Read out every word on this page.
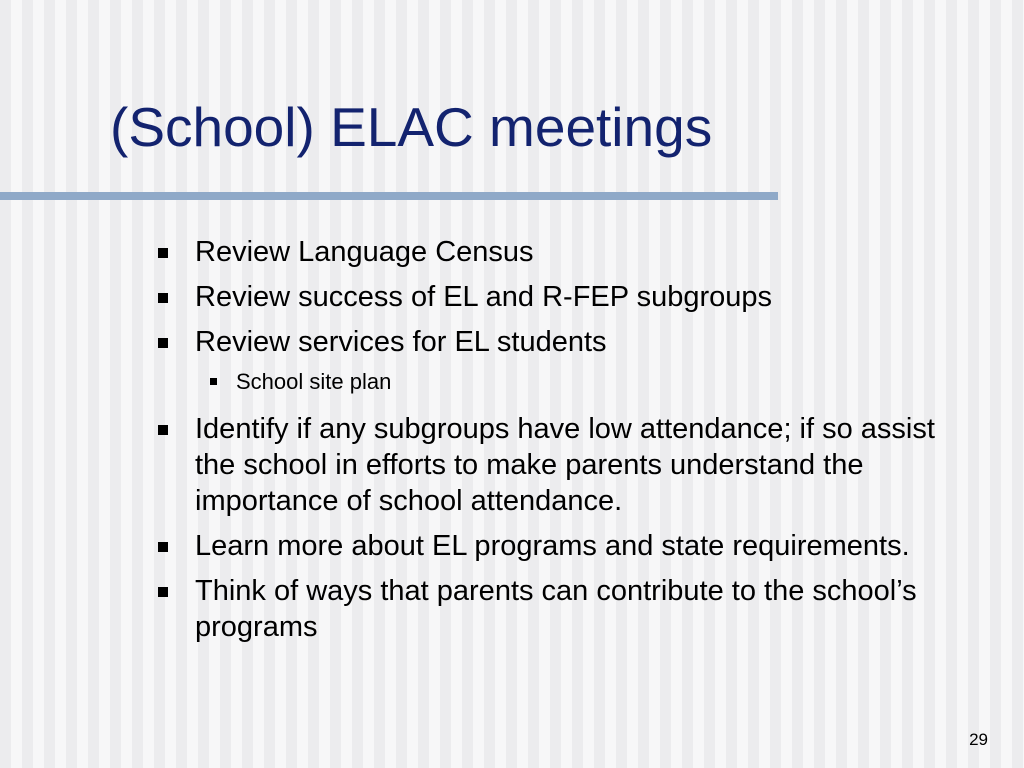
(School) ELAC meetings
Review Language Census
Review success of EL and R-FEP subgroups
Review services for EL students
School site plan
Identify if any subgroups have low attendance; if so assist the school in efforts to make parents understand the importance of school attendance.
Learn more about EL programs and state requirements.
Think of ways that parents can contribute to the school’s programs
29
